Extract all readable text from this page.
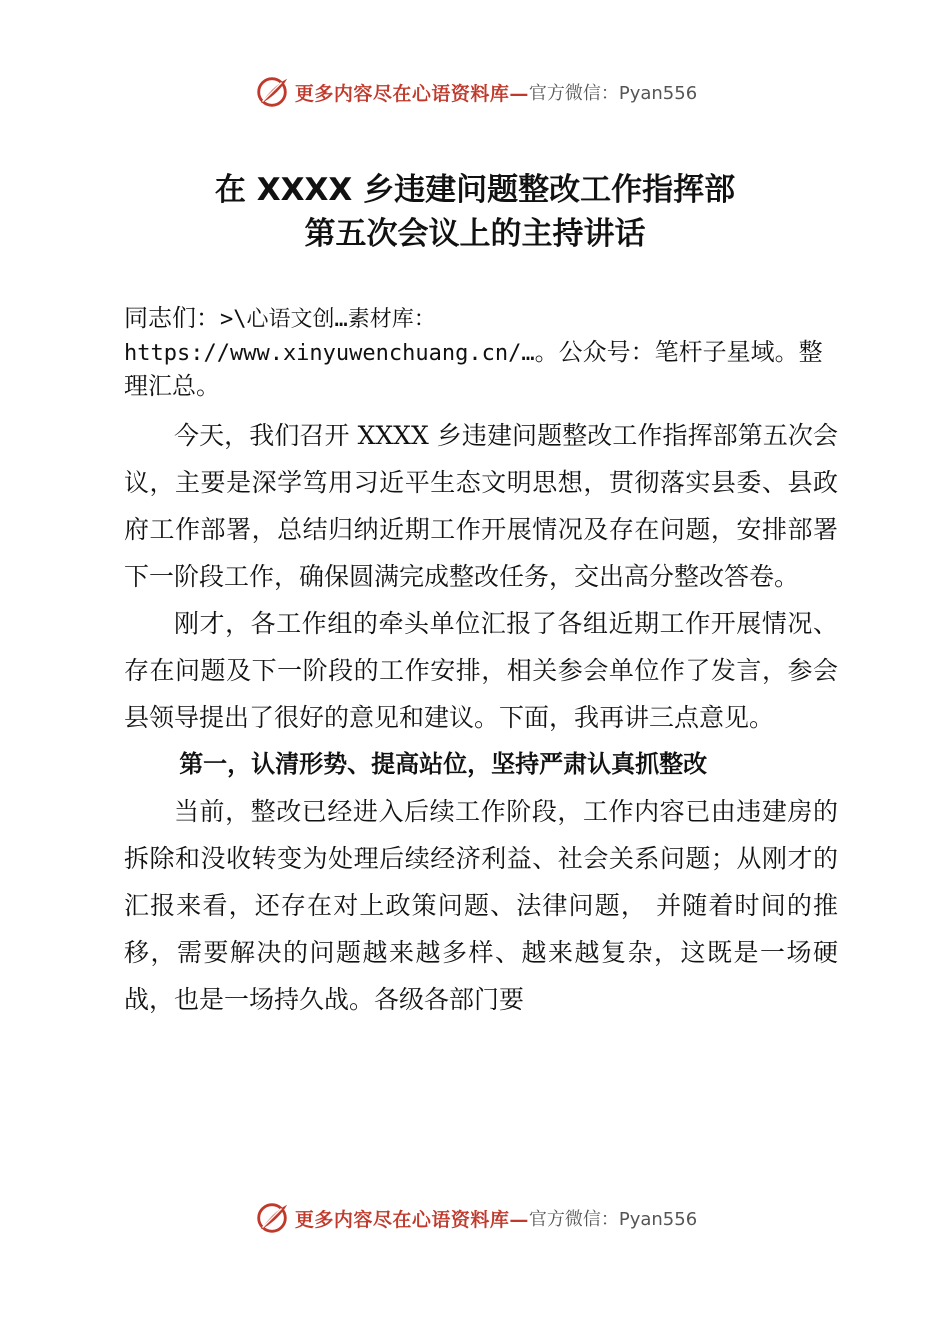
更多内容尽在心语资料库— 官方微信：Pyan556
在 XXXX 乡违建问题整改工作指挥部
第五次会议上的主持讲话
同志们：>\心语文创…素材库：https://www.xinyuwenchuang.cn/…。公众号：笔杆子星域。整理汇总。

今天，我们召开 XXXX 乡违建问题整改工作指挥部第五次会议，主要是深学笃用习近平生态文明思想，贯彻落实县委、县政府工作部署，总结归纳近期工作开展情况及存在问题，安排部署下一阶段工作，确保圆满完成整改任务，交出高分整改答卷。

刚才，各工作组的牵头单位汇报了各组近期工作开展情况、存在问题及下一阶段的工作安排，相关参会单位作了发言，参会县领导提出了很好的意见和建议。下面，我再讲三点意见。

第一，认清形势、提高站位，坚持严肃认真抓整改

当前，整改已经进入后续工作阶段，工作内容已由违建房的拆除和没收转变为处理后续经济利益、社会关系问题；从刚才的汇报来看，还存在对上政策问题、法律问题， 并随着时间的推移，需要解决的问题越来越多样、越来越复杂，这既是一场硬战，也是一场持久战。各级各部门要

更多内容尽在心语资料库— 官方微信：Pyan556
